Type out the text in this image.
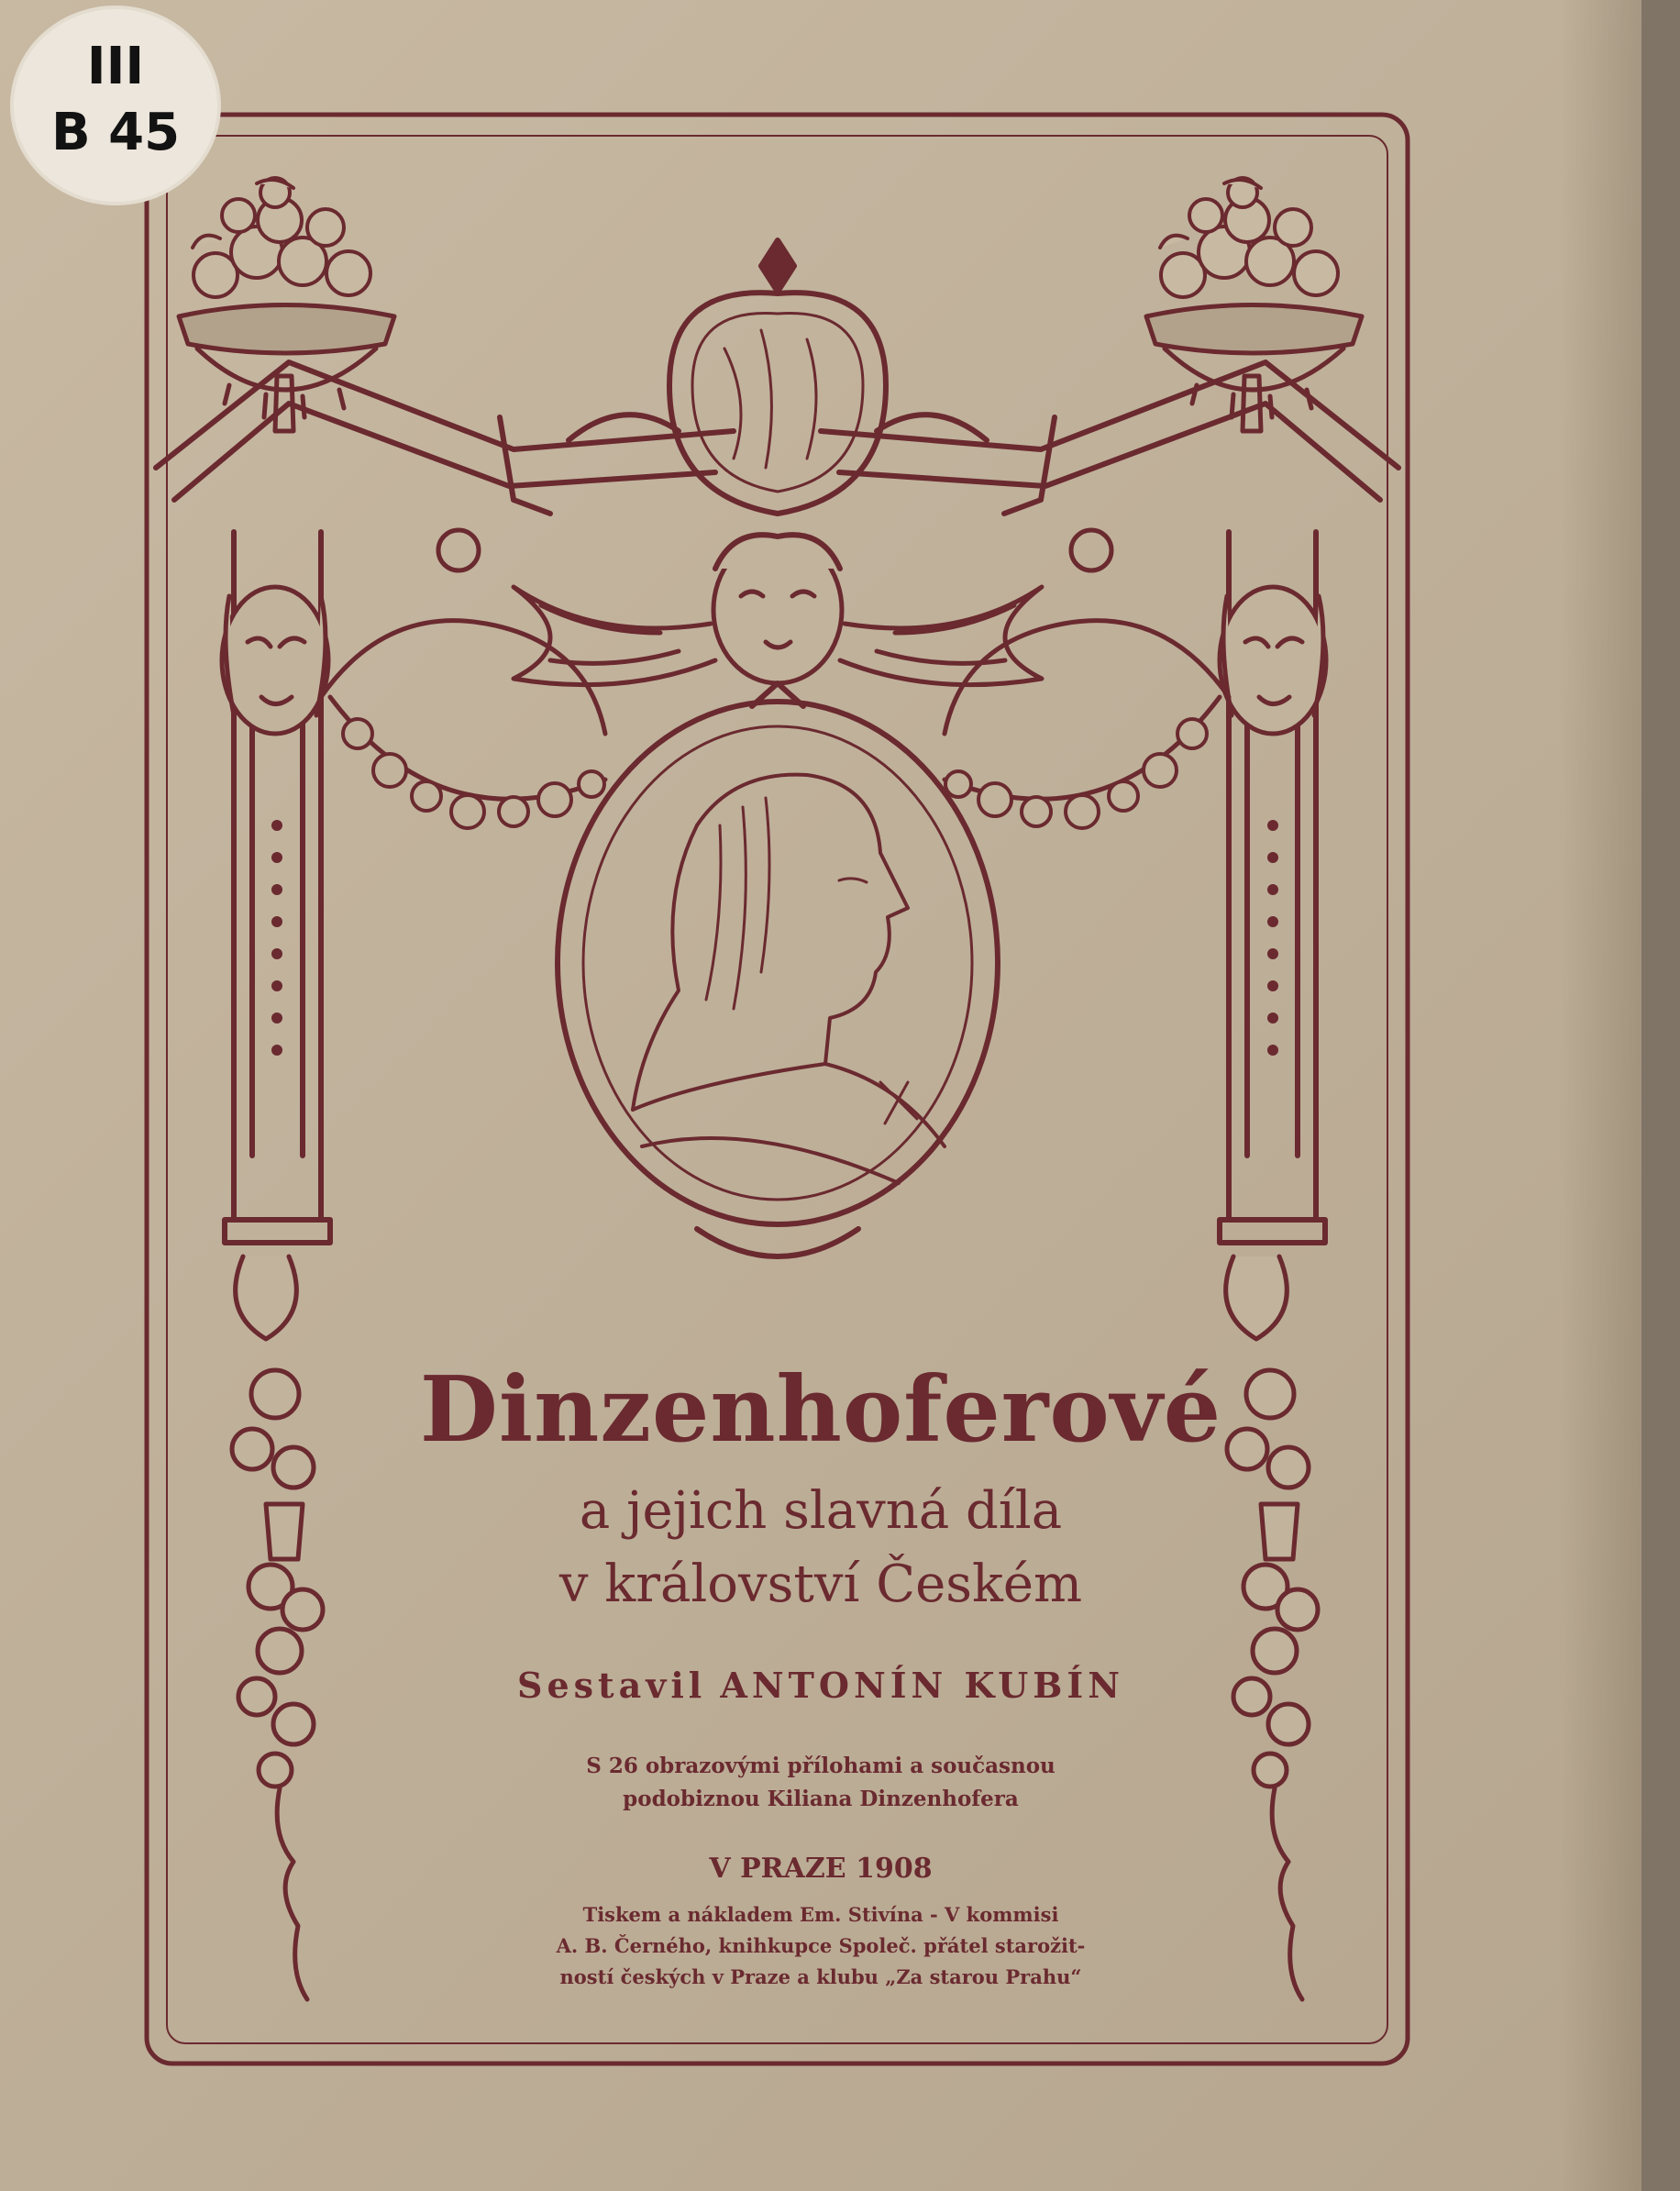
Dinzenhoferové
a jejich slavná díla
v království Českém
Sestavil ANTONÍN KUBÍN
S 26 obrazovými přílohami a současnou
podobiznou Kiliana Dinzenhofera
V PRAZE 1908
Tiskem a nákladem Em. Stivína - V kommisi
A. B. Černého, knihkupce Společ. přátel starožit-
ností českých v Praze a klubu „Za starou Prahu“
III
B 45
